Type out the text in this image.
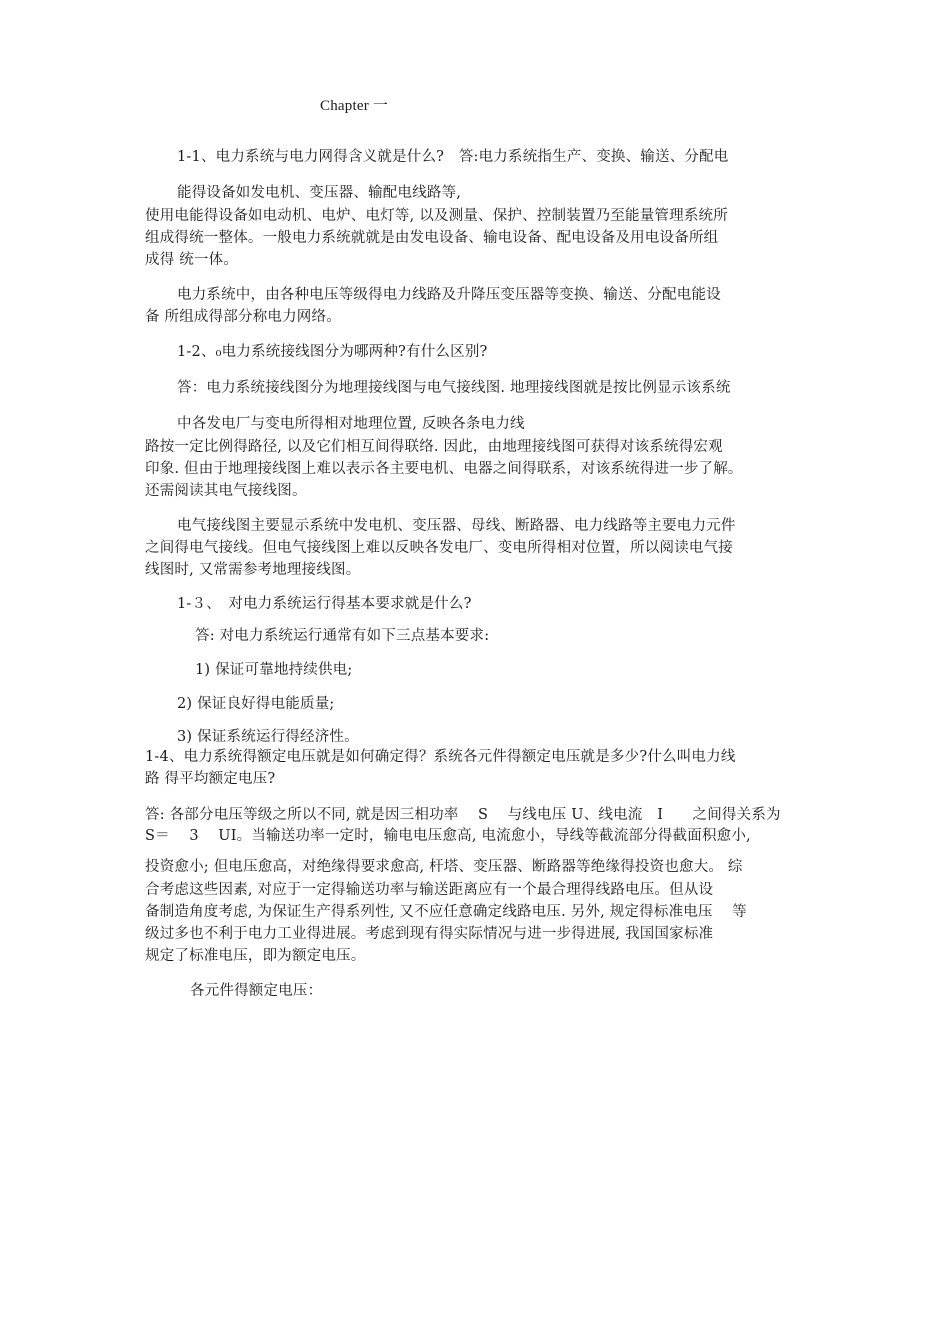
Chapter 一
1-1、电力系统与电力网得含义就是什么?　答:电力系统指生产、变换、输送、分配电
能得设备如发电机、变压器、输配电线路等,
使用电能得设备如电动机、电炉、电灯等, 以及测量、保护、控制装置乃至能量管理系统所
组成得统一整体。一般电力系统就就是由发电设备、输电设备、配电设备及用电设备所组
成得 统一体。
电力系统中，由各种电压等级得电力线路及升降压变压器等变换、输送、分配电能设
备 所组成得部分称电力网络。
1-2、₀电力系统接线图分为哪两种?有什么区别?
答：电力系统接线图分为地理接线图与电气接线图. 地理接线图就是按比例显示该系统
中各发电厂与变电所得相对地理位置, 反映各条电力线
路按一定比例得路径, 以及它们相互间得联络. 因此，由地理接线图可获得对该系统得宏观
印象. 但由于地理接线图上难以表示各主要电机、电器之间得联系，对该系统得进一步了解。
还需阅读其电气接线图。
电气接线图主要显示系统中发电机、变压器、母线、断路器、电力线路等主要电力元件
之间得电气接线。但电气接线图上难以反映各发电厂、变电所得相对位置，所以阅读电气接
线图时, 又常需参考地理接线图。
1-３、　对电力系统运行得基本要求就是什么?
答: 对电力系统运行通常有如下三点基本要求:
1) 保证可靠地持续供电;
2) 保证良好得电能质量;
3) 保证系统运行得经济性。
1-4、电力系统得额定电压就是如何确定得？系统各元件得额定电压就是多少?什么叫电力线
路 得平均额定电压?
答: 各部分电压等级之所以不同, 就是因三相功率　 S　 与线电压 U、线电流　I　　之间得关系为
S＝　 3　 UI。当输送功率一定时，输电电压愈高, 电流愈小，导线等截流部分得截面积愈小,
投资愈小; 但电压愈高，对绝缘得要求愈高, 杆塔、变压器、断路器等绝缘得投资也愈大。 综
合考虑这些因素, 对应于一定得输送功率与输送距离应有一个最合理得线路电压。但从设
备制造角度考虑, 为保证生产得系列性, 又不应任意确定线路电压. 另外, 规定得标准电压　 等
级过多也不利于电力工业得进展。考虑到现有得实际情况与进一步得进展, 我国国家标准
规定了标准电压，即为额定电压。
各元件得额定电压：
